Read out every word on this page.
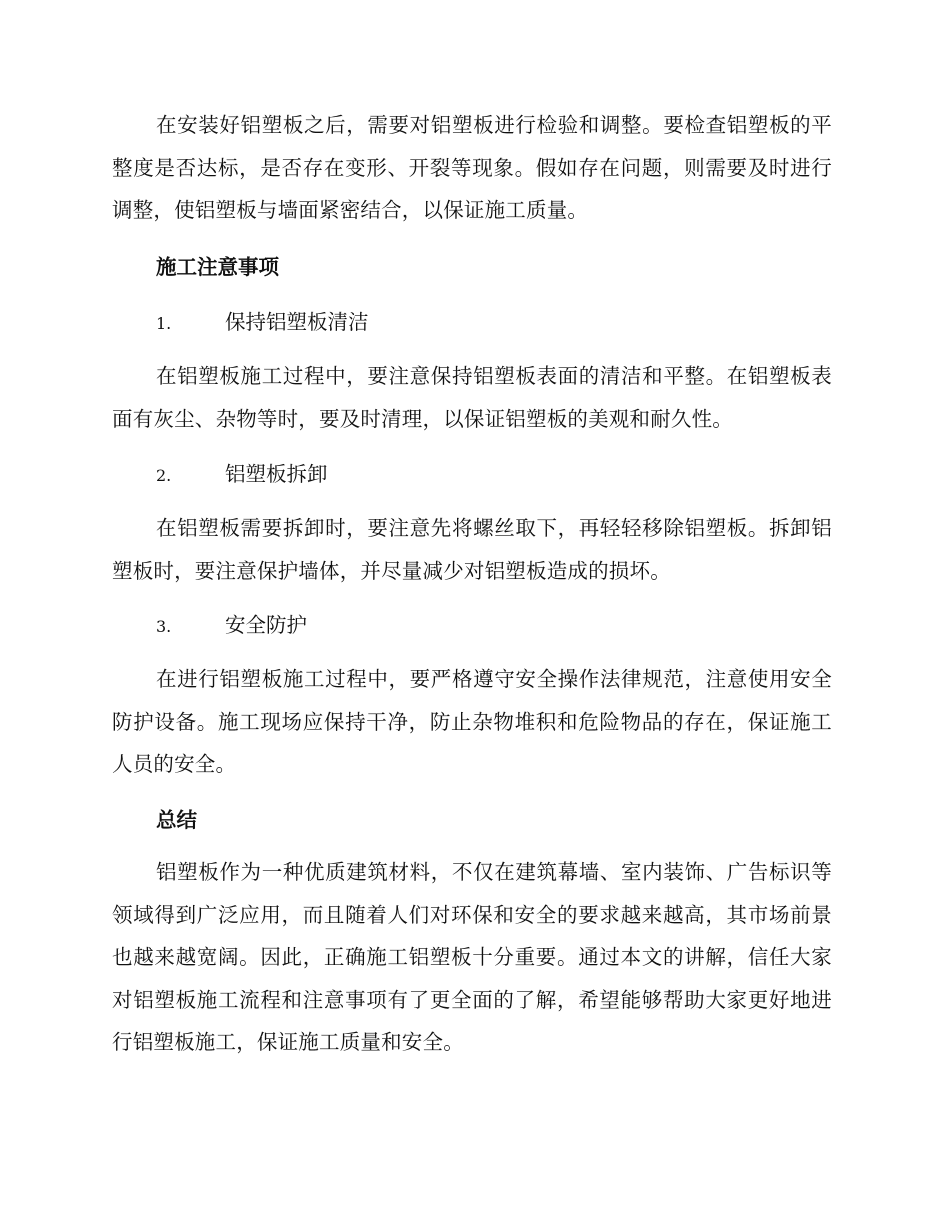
在安装好铝塑板之后，需要对铝塑板进行检验和调整。要检查铝塑板的平整度是否达标，是否存在变形、开裂等现象。假如存在问题，则需要及时进行调整，使铝塑板与墙面紧密结合，以保证施工质量。

施工注意事项
1.	保持铝塑板清洁

在铝塑板施工过程中，要注意保持铝塑板表面的清洁和平整。在铝塑板表面有灰尘、杂物等时，要及时清理，以保证铝塑板的美观和耐久性。

2.	铝塑板拆卸

在铝塑板需要拆卸时，要注意先将螺丝取下，再轻轻移除铝塑板。拆卸铝塑板时，要注意保护墙体，并尽量减少对铝塑板造成的损坏。

3.	安全防护

在进行铝塑板施工过程中，要严格遵守安全操作法律规范，注意使用安全防护设备。施工现场应保持干净，防止杂物堆积和危险物品的存在，保证施工人员的安全。

总结

铝塑板作为一种优质建筑材料，不仅在建筑幕墙、室内装饰、广告标识等领域得到广泛应用，而且随着人们对环保和安全的要求越来越高，其市场前景也越来越宽阔。因此，正确施工铝塑板十分重要。通过本文的讲解，信任大家对铝塑板施工流程和注意事项有了更全面的了解，希望能够帮助大家更好地进行铝塑板施工，保证施工质量和安全。
